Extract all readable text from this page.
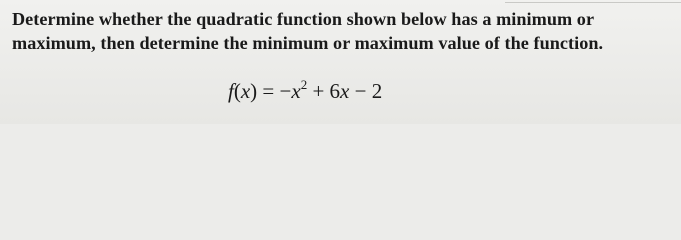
Determine whether the quadratic function shown below has a minimum or maximum, then determine the minimum or maximum value of the function.

$f(x) = -x^2 + 6x - 2$
